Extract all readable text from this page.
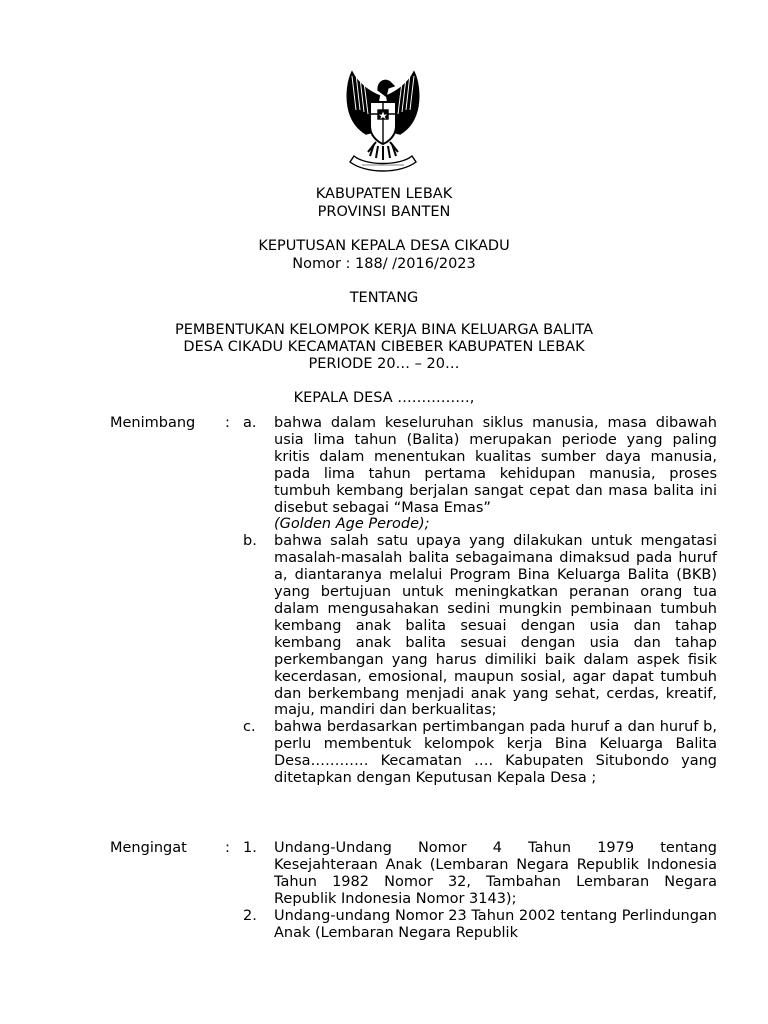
KABUPATEN LEBAK
PROVINSI BANTEN
KEPUTUSAN KEPALA DESA CIKADU
Nomor : 188/ /2016/2023
TENTANG
PEMBENTUKAN KELOMPOK KERJA BINA KELUARGA BALITA
DESA CIKADU KECAMATAN CIBEBER KABUPATEN LEBAK
PERIODE 20… – 20…
KEPALA DESA ……………,
Menimbang : a.	bahwa dalam keseluruhan siklus manusia, masa dibawah usia lima tahun (Balita) merupakan periode yang paling kritis dalam menentukan kualitas sumber daya manusia, pada lima tahun pertama kehidupan manusia, proses tumbuh kembang berjalan sangat cepat dan masa balita ini disebut sebagai “Masa Emas”

(Golden Age Perode);

b.	bahwa salah satu upaya yang dilakukan untuk mengatasi masalah-masalah balita sebagaimana dimaksud pada huruf a, diantaranya melalui Program Bina Keluarga Balita (BKB) yang bertujuan untuk meningkatkan peranan orang tua dalam mengusahakan sedini mungkin pembinaan tumbuh kembang anak balita sesuai dengan usia dan tahap kembang anak balita sesuai dengan usia dan tahap perkembangan yang harus dimiliki baik dalam aspek fisik kecerdasan, emosional, maupun sosial, agar dapat tumbuh dan berkembang menjadi anak yang sehat, cerdas, kreatif, maju, mandiri dan berkualitas;

c.	bahwa berdasarkan pertimbangan pada huruf a dan huruf b, perlu membentuk kelompok kerja Bina Keluarga Balita Desa………… Kecamatan …. Kabupaten Situbondo yang ditetapkan dengan Keputusan Kepala Desa ;

Mengingat	: 1.	Undang-Undang Nomor 4 Tahun 1979 tentang Kesejahteraan Anak (Lembaran Negara Republik Indonesia Tahun 1982 Nomor 32, Tambahan Lembaran Negara Republik Indonesia Nomor 3143);

2.	Undang-undang Nomor 23 Tahun 2002 tentang Perlindungan Anak (Lembaran Negara Republik
